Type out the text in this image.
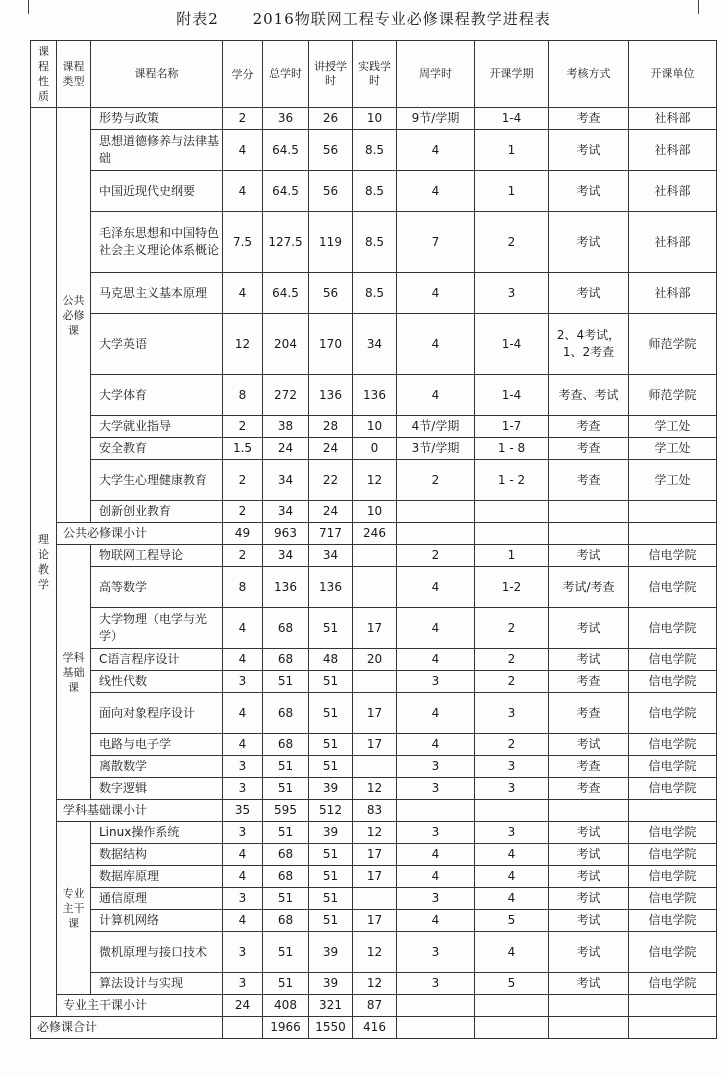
附表2 2016物联网工程专业必修课程教学进程表
课程性质	课程类型	课程名称	学分	总学时	讲授学时	实践学时	周学时	开课学期	考核方式	开课单位
理论教学	公共必修课	形势与政策	2	36	26	10	9节/学期	1-4	考查	社科部
		思想道德修养与法律基础	4	64.5	56	8.5	4	1	考试	社科部
		中国近现代史纲要	4	64.5	56	8.5	4	1	考试	社科部
		毛泽东思想和中国特色社会主义理论体系概论	7.5	127.5	119	8.5	7	2	考试	社科部
		马克思主义基本原理	4	64.5	56	8.5	4	3	考试	社科部
		大学英语	12	204	170	34	4	1-4	2、4考试，1、2考查	师范学院
		大学体育	8	272	136	136	4	1-4	考查、考试	师范学院
		大学就业指导	2	38	28	10	4节/学期	1-7	考查	学工处
		安全教育	1.5	24	24	0	3节/学期	1 - 8	考查	学工处
		大学生心理健康教育	2	34	22	12	2	1 - 2	考查	学工处
		创新创业教育	2	34	24	10				
	公共必修课小计		49	963	717	246				
	学科基础课	物联网工程导论	2	34	34		2	1	考试	信电学院
		高等数学	8	136	136		4	1-2	考试/考查	信电学院
		大学物理（电学与光学）	4	68	51	17	4	2	考试	信电学院
		C语言程序设计	4	68	48	20	4	2	考试	信电学院
		线性代数	3	51	51		3	2	考查	信电学院
		面向对象程序设计	4	68	51	17	4	3	考查	信电学院
		电路与电子学	4	68	51	17	4	2	考试	信电学院
		离散数学	3	51	51		3	3	考查	信电学院
		数字逻辑	3	51	39	12	3	3	考查	信电学院
	学科基础课小计		35	595	512	83				
	专业主干课	Linux操作系统	3	51	39	12	3	3	考试	信电学院
		数据结构	4	68	51	17	4	4	考试	信电学院
		数据库原理	4	68	51	17	4	4	考试	信电学院
		通信原理	3	51	51		3	4	考试	信电学院
		计算机网络	4	68	51	17	4	5	考试	信电学院
		微机原理与接口技术	3	51	39	12	3	4	考试	信电学院
		算法设计与实现	3	51	39	12	3	5	考试	信电学院
	专业主干课小计		24	408	321	87				
必修课合计				1966	1550	416				
